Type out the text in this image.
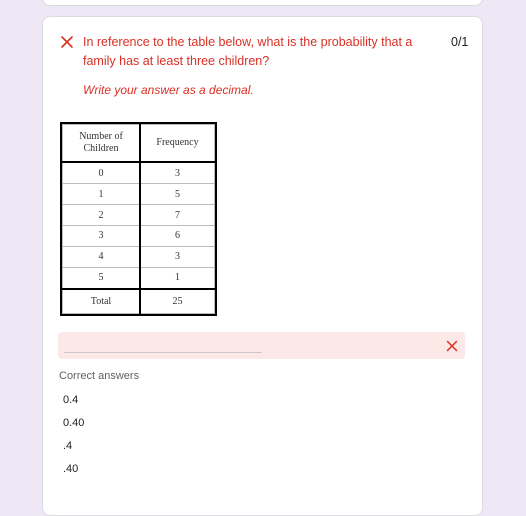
In reference to the table below, what is the probability that a family has at least three children?
0/1
Write your answer as a decimal.
Number of Children	Frequency
0	3
1	5
2	7
3	6
4	3
5	1
Total	25
Correct answers
0.4
0.40
.4
.40
